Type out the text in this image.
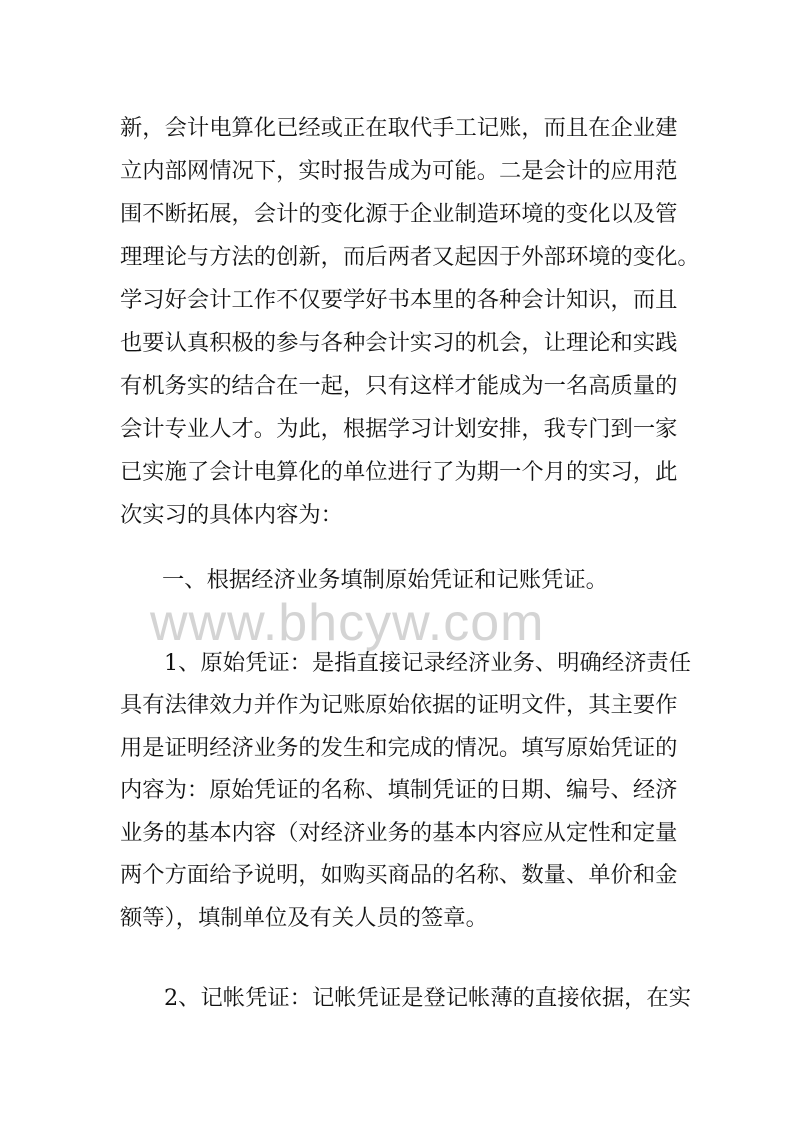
www.bhcyw.com
新，会计电算化已经或正在取代手工记账，而且在企业建
立内部网情况下，实时报告成为可能。二是会计的应用范
围不断拓展，会计的变化源于企业制造环境的变化以及管
理理论与方法的创新，而后两者又起因于外部环境的变化。
学习好会计工作不仅要学好书本里的各种会计知识，而且
也要认真积极的参与各种会计实习的机会，让理论和实践
有机务实的结合在一起，只有这样才能成为一名高质量的
会计专业人才。为此，根据学习计划安排，我专门到一家
已实施了会计电算化的单位进行了为期一个月的实习，此
次实习的具体内容为：
一、根据经济业务填制原始凭证和记账凭证。
1、原始凭证：是指直接记录经济业务、明确经济责任
具有法律效力并作为记账原始依据的证明文件，其主要作
用是证明经济业务的发生和完成的情况。填写原始凭证的
内容为：原始凭证的名称、填制凭证的日期、编号、经济
业务的基本内容（对经济业务的基本内容应从定性和定量
两个方面给予说明，如购买商品的名称、数量、单价和金
额等），填制单位及有关人员的签章。
2、记帐凭证：记帐凭证是登记帐薄的直接依据，在实
